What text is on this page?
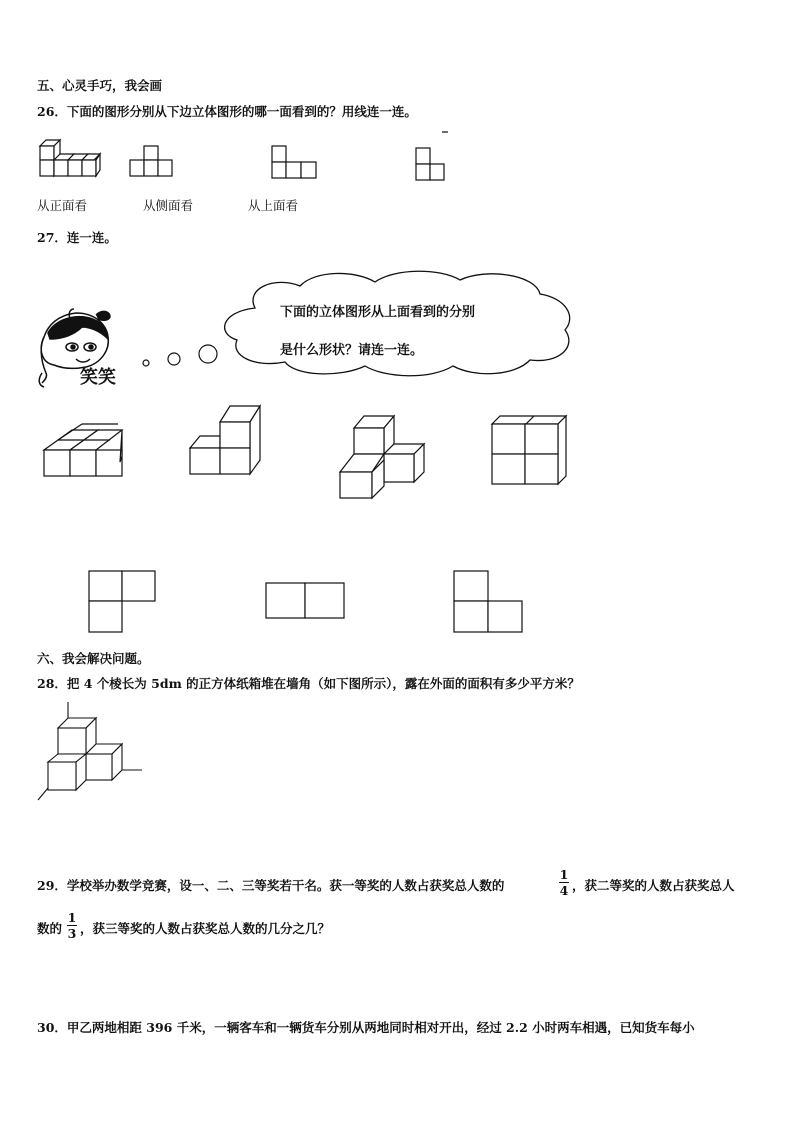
五、心灵手巧，我会画
26．下面的图形分别从下边立体图形的哪一面看到的？用线连一连。
从正面看	从侧面看	从上面看
27．连一连。
笑笑
下面的立体图形从上面看到的分别
是什么形状？请连一连。
六、我会解决问题。
28．把 4 个棱长为 5dm 的正方体纸箱堆在墙角（如下图所示），露在外面的面积有多少平方米？
29．学校举办数学竞赛，设一、二、三等奖若干名。获一等奖的人数占获奖总人数的
1
4 ，获二等奖的人数占获奖总人
数的
1
3 ，获三等奖的人数占获奖总人数的几分之几？
30．甲乙两地相距 396 千米，一辆客车和一辆货车分别从两地同时相对开出，经过 2.2 小时两车相遇，已知货车每小
